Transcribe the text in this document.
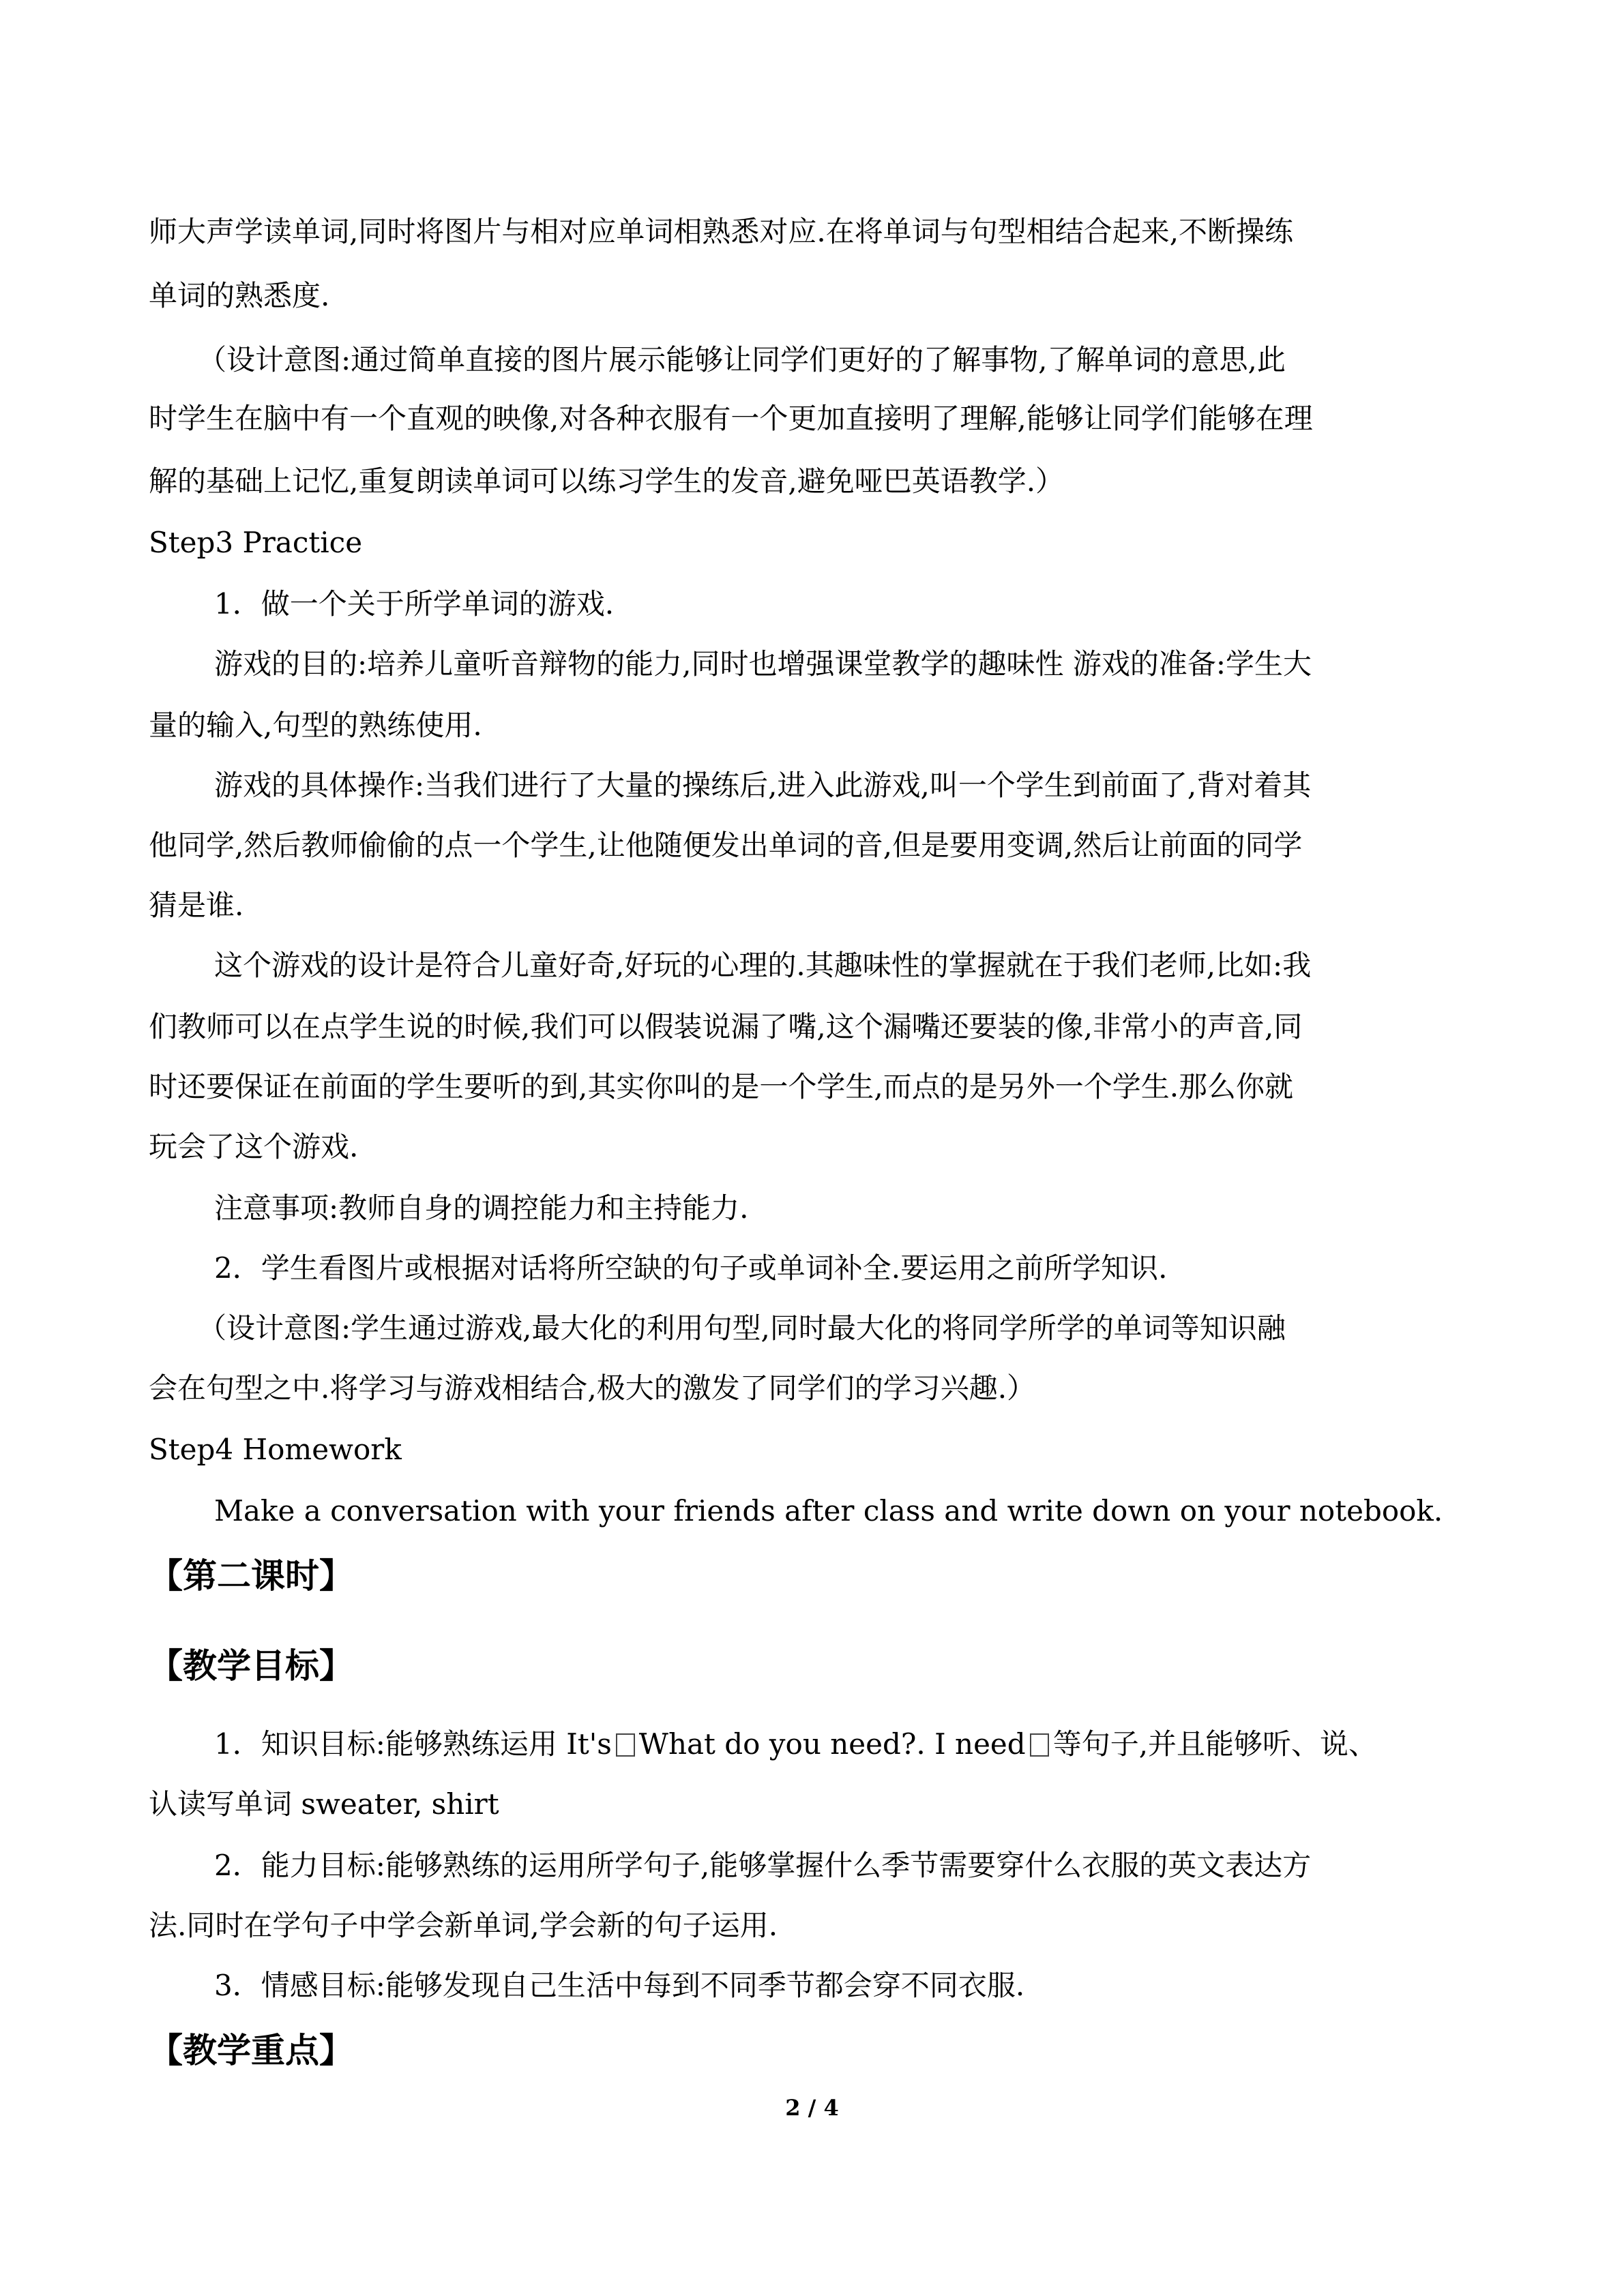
师大声学读单词,同时将图片与相对应单词相熟悉对应.在将单词与句型相结合起来,不断操练
单词的熟悉度.
（设计意图:通过简单直接的图片展示能够让同学们更好的了解事物,了解单词的意思,此
时学生在脑中有一个直观的映像,对各种衣服有一个更加直接明了理解,能够让同学们能够在理
解的基础上记忆,重复朗读单词可以练习学生的发音,避免哑巴英语教学.）
Step3 Practice
1．做一个关于所学单词的游戏.
游戏的目的:培养儿童听音辩物的能力,同时也增强课堂教学的趣味性 游戏的准备:学生大
量的输入,句型的熟练使用.
游戏的具体操作:当我们进行了大量的操练后,进入此游戏,叫一个学生到前面了,背对着其
他同学,然后教师偷偷的点一个学生,让他随便发出单词的音,但是要用变调,然后让前面的同学
猜是谁.
这个游戏的设计是符合儿童好奇,好玩的心理的.其趣味性的掌握就在于我们老师,比如:我
们教师可以在点学生说的时候,我们可以假装说漏了嘴,这个漏嘴还要装的像,非常小的声音,同
时还要保证在前面的学生要听的到,其实你叫的是一个学生,而点的是另外一个学生.那么你就
玩会了这个游戏.
注意事项:教师自身的调控能力和主持能力.
2．学生看图片或根据对话将所空缺的句子或单词补全.要运用之前所学知识.
（设计意图:学生通过游戏,最大化的利用句型,同时最大化的将同学所学的单词等知识融
会在句型之中.将学习与游戏相结合,极大的激发了同学们的学习兴趣.）
Step4 Homework
Make a conversation with your friends after class and write down on your notebook.
【第二课时】
【教学目标】
1．知识目标:能够熟练运用 It's What do you need?. I need 等句子,并且能够听、说、
认读写单词 sweater, shirt
2．能力目标:能够熟练的运用所学句子,能够掌握什么季节需要穿什么衣服的英文表达方
法.同时在学句子中学会新单词,学会新的句子运用.
3．情感目标:能够发现自己生活中每到不同季节都会穿不同衣服.
【教学重点】
2 / 4
